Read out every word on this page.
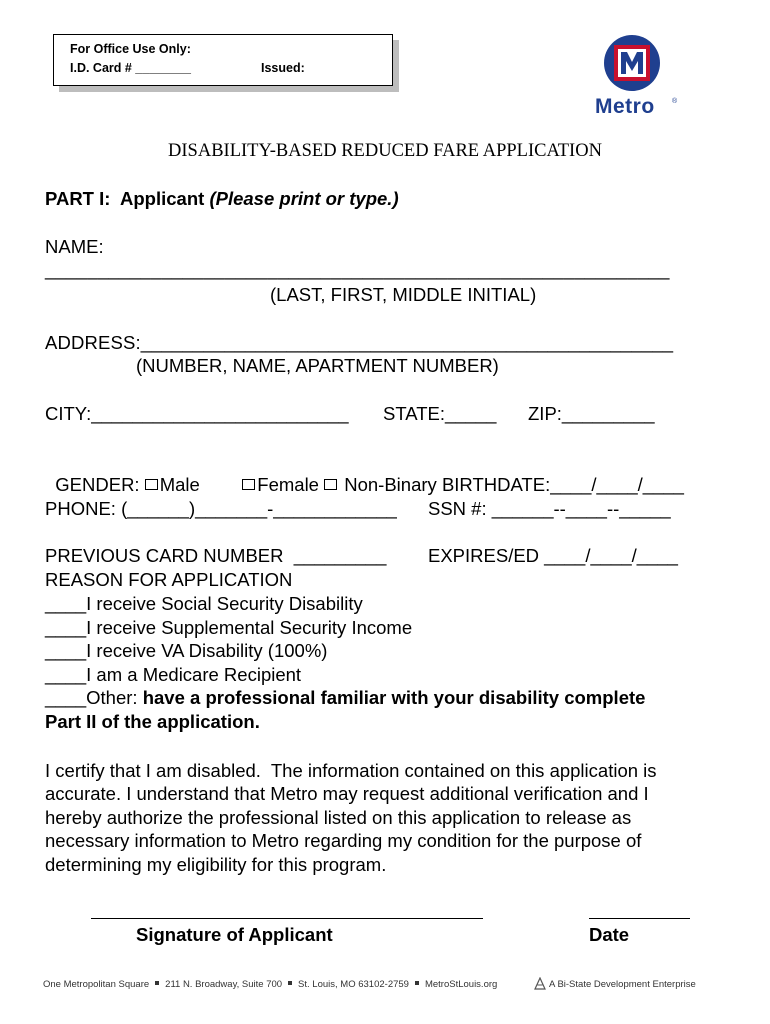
For Office Use Only:
I.D. Card # ________	Issued:
Metro ®
DISABILITY-BASED REDUCED FARE APPLICATION
PART I:  Applicant (Please print or type.)
NAME:
___________________________________________________________
(LAST, FIRST, MIDDLE INITIAL)
ADDRESS:___________________________________________________
(NUMBER, NAME, APARTMENT NUMBER)
CITY:_________________________ STATE:_____ ZIP:_________

GENDER: Male	Female  Non-Binary BIRTHDATE:____/____/____

PHONE: (______)_______-____________ SSN #: ______--____--_____
PREVIOUS CARD NUMBER  _________ EXPIRES/ED ____/____/____
REASON FOR APPLICATION
____I receive Social Security Disability
____I receive Supplemental Security Income
____I receive VA Disability (100%)
____I am a Medicare Recipient
____Other: have a professional familiar with your disability complete
Part II of the application.
I certify that I am disabled.  The information contained on this application is
accurate. I understand that Metro may request additional verification and I
hereby authorize the professional listed on this application to release as
necessary information to Metro regarding my condition for the purpose of
determining my eligibility for this program.
Signature of Applicant	Date
One Metropolitan Square 211 N. Broadway, Suite 700 St. Louis, MO 63102-2759 MetroStLouis.org	A Bi-State Development Enterprise
